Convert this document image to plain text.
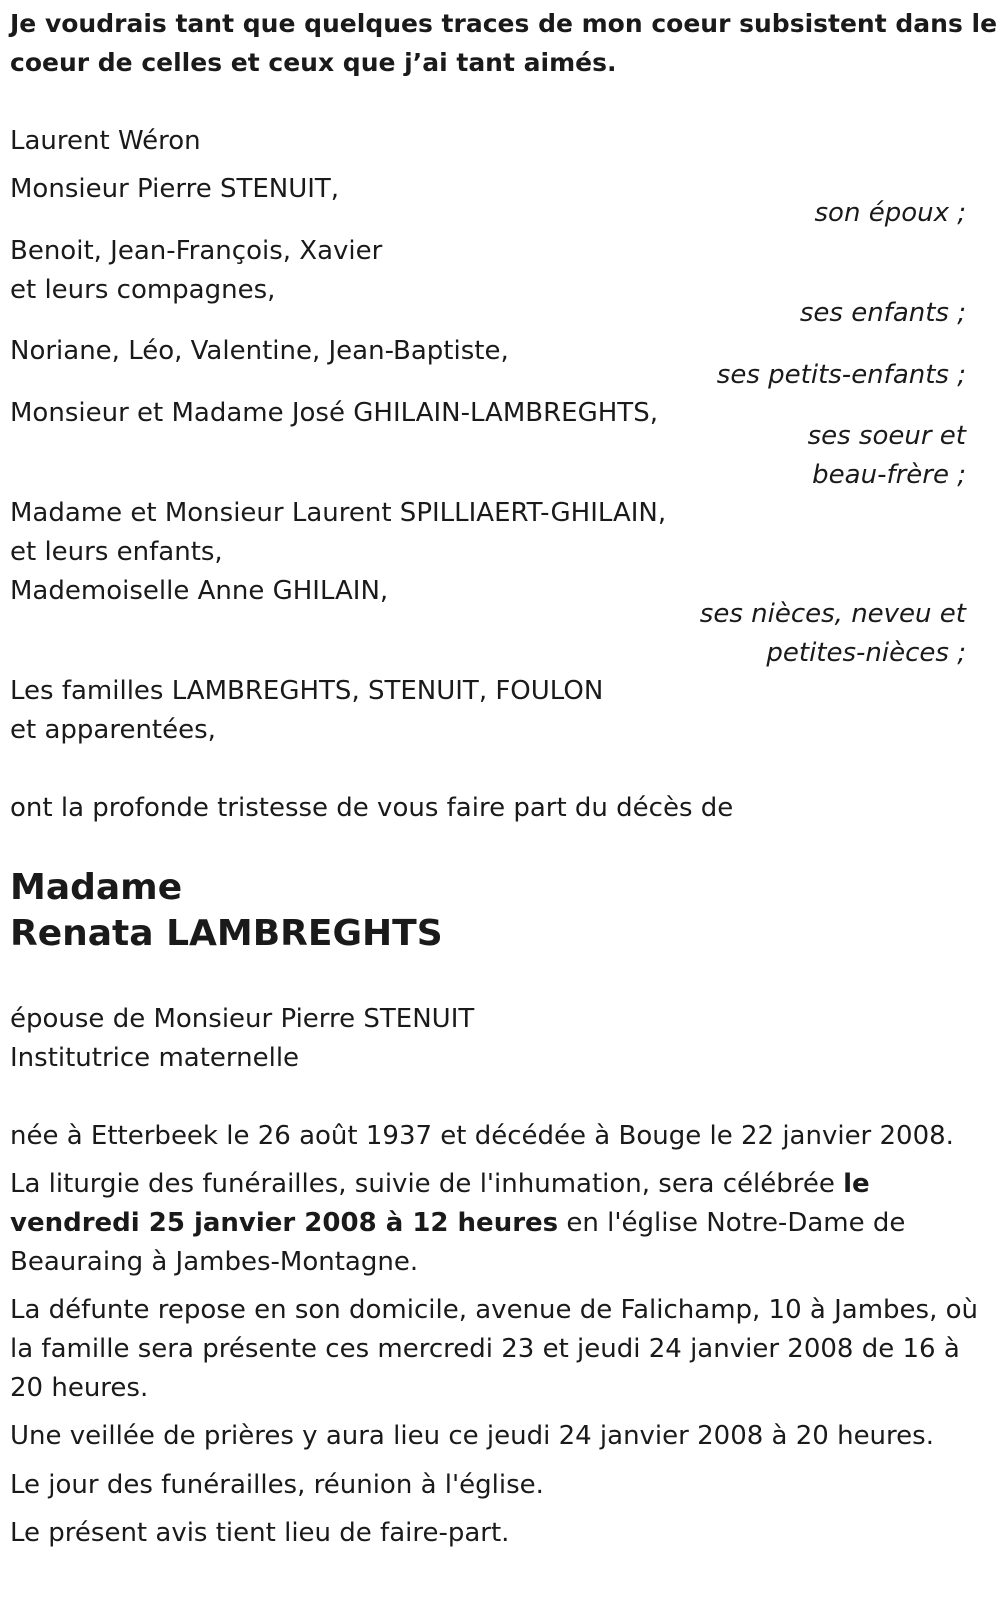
Je voudrais tant que quelques traces de mon coeur subsistent dans le
coeur de celles et ceux que j’ai tant aimés.
Laurent Wéron
Monsieur Pierre STENUIT,
son époux ;
Benoit, Jean-François, Xavier
et leurs compagnes,
ses enfants ;
Noriane, Léo, Valentine, Jean-Baptiste,
ses petits-enfants ;
Monsieur et Madame José GHILAIN-LAMBREGHTS,
ses soeur et
beau-frère ;
Madame et Monsieur Laurent SPILLIAERT-GHILAIN,
et leurs enfants,
Mademoiselle Anne GHILAIN,
ses nièces, neveu et
petites-nièces ;
Les familles LAMBREGHTS, STENUIT, FOULON
et apparentées,
ont la profonde tristesse de vous faire part du décès de
Madame
Renata LAMBREGHTS
épouse de Monsieur Pierre STENUIT
Institutrice maternelle
née à Etterbeek le 26 août 1937 et décédée à Bouge le 22 janvier 2008.
La liturgie des funérailles, suivie de l'inhumation, sera célébrée le
vendredi 25 janvier 2008 à 12 heures en l'église Notre-Dame de
Beauraing à Jambes-Montagne.
La défunte repose en son domicile, avenue de Falichamp, 10 à Jambes, où
la famille sera présente ces mercredi 23 et jeudi 24 janvier 2008 de 16 à
20 heures.
Une veillée de prières y aura lieu ce jeudi 24 janvier 2008 à 20 heures.
Le jour des funérailles, réunion à l'église.
Le présent avis tient lieu de faire-part.
